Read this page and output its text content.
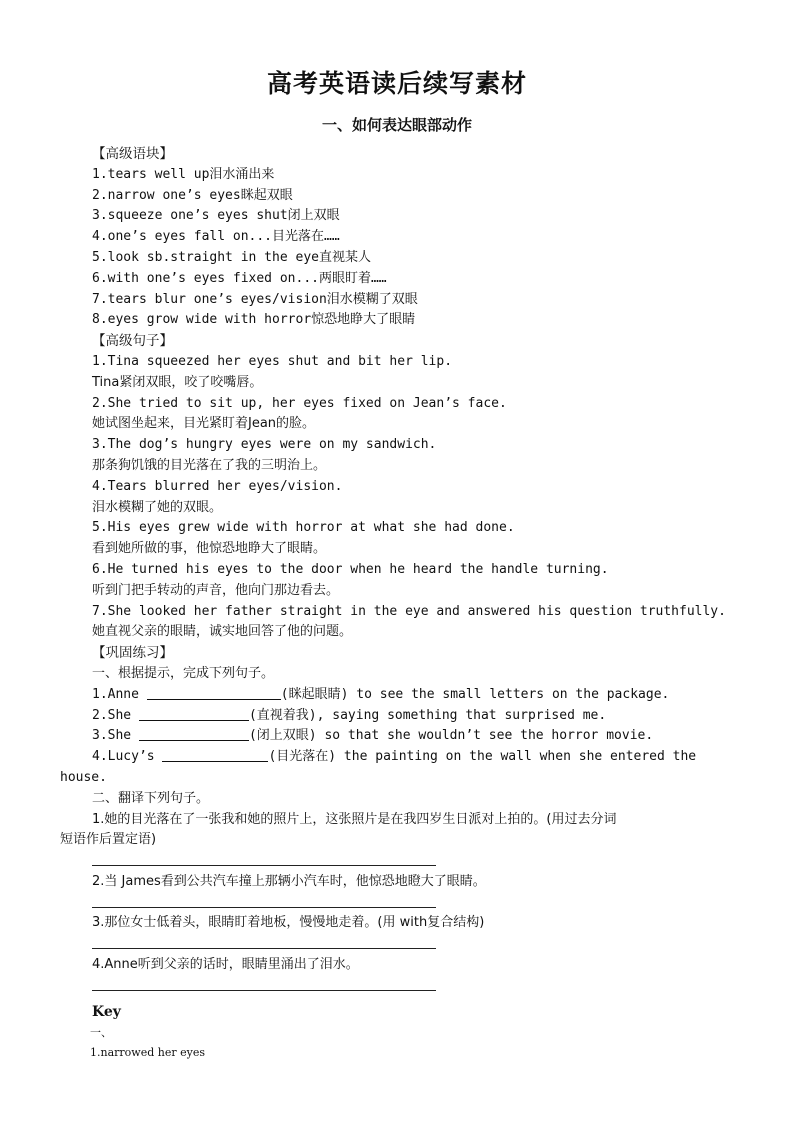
高考英语读后续写素材
一、如何表达眼部动作
【高级语块】
1.tears well up泪水涌出来
2.narrow one’s eyes眯起双眼
3.squeeze one’s eyes shut闭上双眼
4.one’s eyes fall on...目光落在……
5.look sb.straight in the eye直视某人
6.with one’s eyes fixed on...两眼盯着……
7.tears blur one’s eyes/vision泪水模糊了双眼
8.eyes grow wide with horror惊恐地睁大了眼睛
【高级句子】
1.Tina squeezed her eyes shut and bit her lip.
Tina紧闭双眼，咬了咬嘴唇。
2.She tried to sit up, her eyes fixed on Jean’s face.
她试图坐起来，目光紧盯着Jean的脸。
3.The dog’s hungry eyes were on my sandwich.
那条狗饥饿的目光落在了我的三明治上。
4.Tears blurred her eyes/vision.
泪水模糊了她的双眼。
5.His eyes grew wide with horror at what she had done.
看到她所做的事，他惊恐地睁大了眼睛。
6.He turned his eyes to the door when he heard the handle turning.
听到门把手转动的声音，他向门那边看去。
7.She looked her father straight in the eye and answered his question truthfully.
她直视父亲的眼睛，诚实地回答了他的问题。
【巩固练习】
一、根据提示，完成下列句子。
1.Anne	(眯起眼睛) to see the small letters on the package.
2.She	(直视着我), saying something that surprised me.
3.She	(闭上双眼) so that she wouldn’t see the horror movie.
4.Lucy’s	(目光落在) the painting on the wall when she entered the
house.
二、翻译下列句子。
1.她的目光落在了一张我和她的照片上，这张照片是在我四岁生日派对上拍的。(用过去分词
短语作后置定语)
2.当 James看到公共汽车撞上那辆小汽车时，他惊恐地瞪大了眼睛。
3.那位女士低着头，眼睛盯着地板，慢慢地走着。(用 with复合结构)
4.Anne听到父亲的话时，眼睛里涌出了泪水。
Key
一、
1.narrowed her eyes
